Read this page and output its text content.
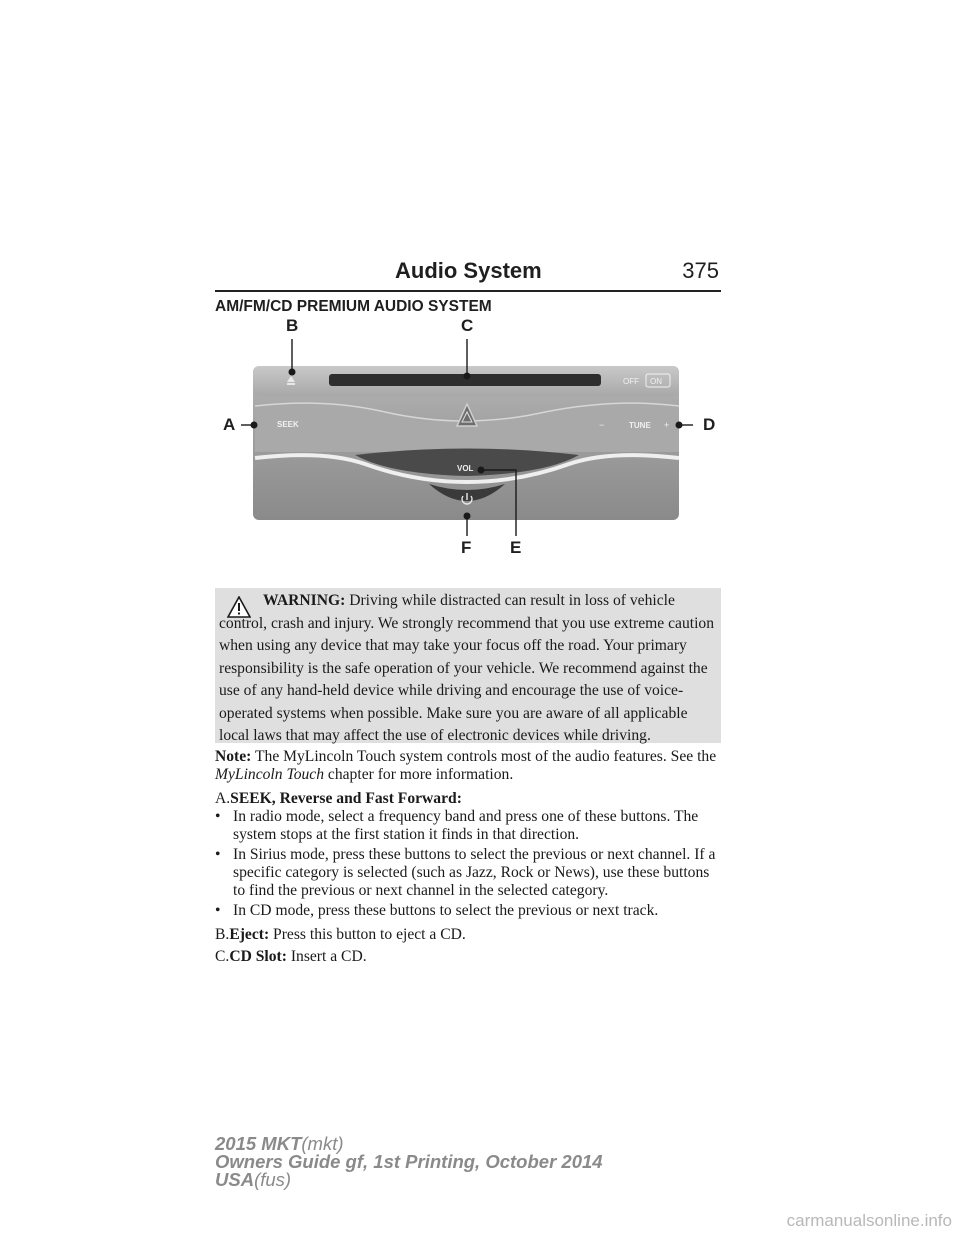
Audio System	375
AM/FM/CD PREMIUM AUDIO SYSTEM
OFF ON
SEEK	−	TUNE +
VOL
B	C
A	D
F E

WARNING: Driving while distracted can result in loss of vehicle control, crash and injury. We strongly recommend that you use extreme caution when using any device that may take your focus off the road. Your primary responsibility is the safe operation of your vehicle. We recommend against the use of any hand-held device while driving and encourage the use of voice-operated systems when possible. Make sure you are aware of all applicable local laws that may affect the use of electronic devices while driving.

Note: The MyLincoln Touch system controls most of the audio features. See the MyLincoln Touch chapter for more information.
A.SEEK, Reverse and Fast Forward:
• In radio mode, select a frequency band and press one of these buttons. The system stops at the first station it finds in that direction.
• In Sirius mode, press these buttons to select the previous or next channel. If a specific category is selected (such as Jazz, Rock or News), use these buttons to find the previous or next channel in the selected category.
• In CD mode, press these buttons to select the previous or next track.
B.Eject: Press this button to eject a CD.
C.CD Slot: Insert a CD.
2015 MKT(mkt)
Owners Guide gf, 1st Printing, October 2014
USA(fus)
carmanualsonline.info
